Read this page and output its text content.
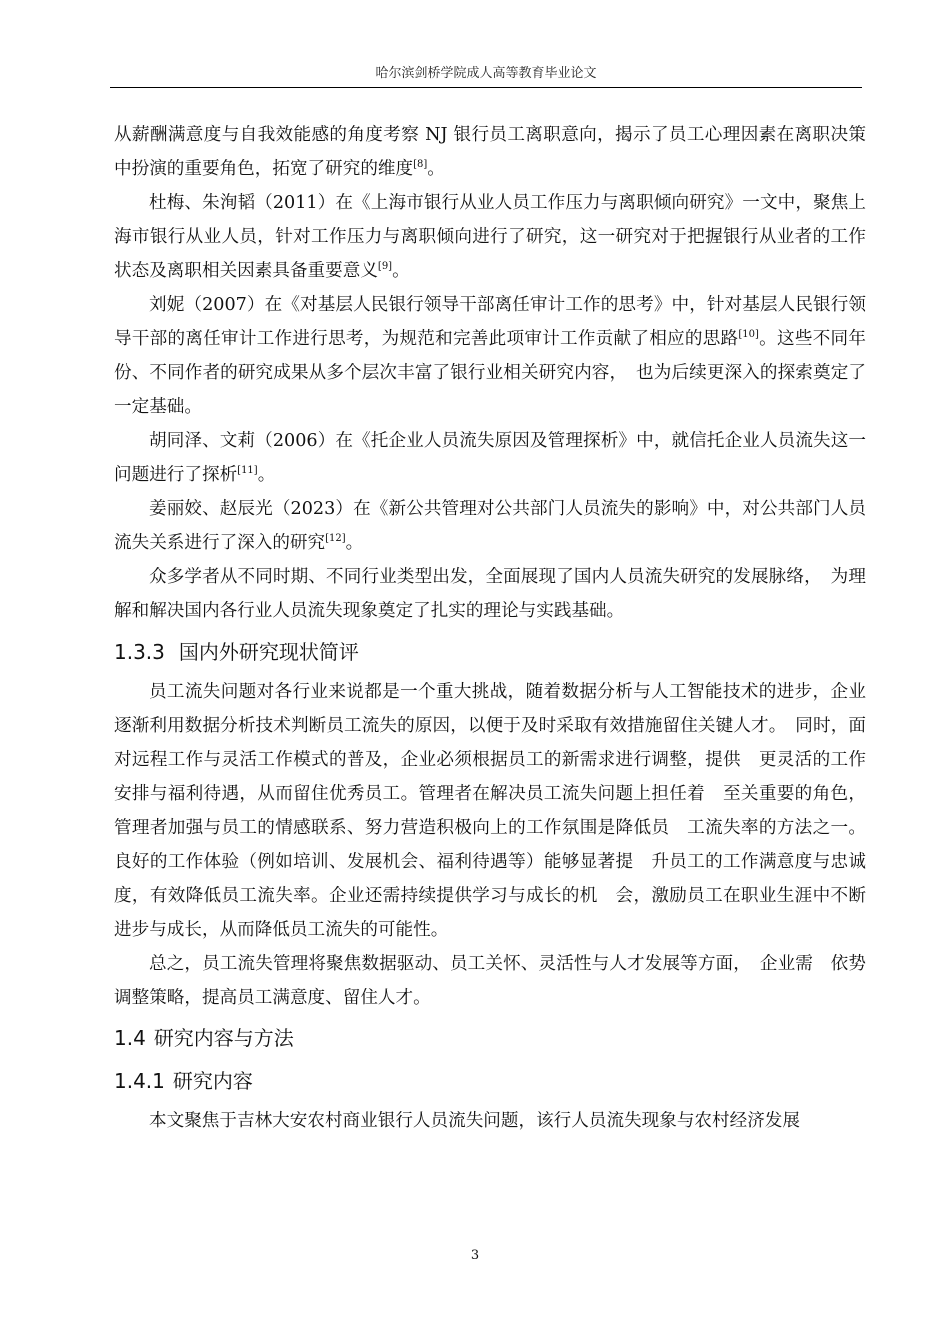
哈尔滨剑桥学院成人高等教育毕业论文

从薪酬满意度与自我效能感的角度考察 NJ 银行员工离职意向，揭示了员工心理因素在离职决策中扮演的重要角色，拓宽了研究的维度[8]。

杜梅、朱洵韬（2011）在《上海市银行从业人员工作压力与离职倾向研究》一文中，聚焦上海市银行从业人员，针对工作压力与离职倾向进行了研究，这一研究对于把握银行从业者的工作状态及离职相关因素具备重要意义[9]。

刘妮（2007）在《对基层人民银行领导干部离任审计工作的思考》中，针对基层人民银行领导干部的离任审计工作进行思考，为规范和完善此项审计工作贡献了相应的思路[10]。这些不同年份、不同作者的研究成果从多个层次丰富了银行业相关研究内容，　也为后续更深入的探索奠定了一定基础。

胡同泽、文莉（2006）在《托企业人员流失原因及管理探析》中，就信托企业人员流失这一问题进行了探析[11]。

姜丽姣、赵辰光（2023）在《新公共管理对公共部门人员流失的影响》中，对公共部门人员流失关系进行了深入的研究[12]。

众多学者从不同时期、不同行业类型出发，全面展现了国内人员流失研究的发展脉络，　为理解和解决国内各行业人员流失现象奠定了扎实的理论与实践基础。

1.3.3 国内外研究现状简评

员工流失问题对各行业来说都是一个重大挑战，随着数据分析与人工智能技术的进步，企业逐渐利用数据分析技术判断员工流失的原因，以便于及时采取有效措施留住关键人才。　同时，面对远程工作与灵活工作模式的普及，企业必须根据员工的新需求进行调整，提供　更灵活的工作安排与福利待遇，从而留住优秀员工。管理者在解决员工流失问题上担任着　至关重要的角色，管理者加强与员工的情感联系、努力营造积极向上的工作氛围是降低员　工流失率的方法之一。良好的工作体验（例如培训、发展机会、福利待遇等）能够显著提　升员工的工作满意度与忠诚度，有效降低员工流失率。企业还需持续提供学习与成长的机　会，激励员工在职业生涯中不断进步与成长，从而降低员工流失的可能性。

总之，员工流失管理将聚焦数据驱动、员工关怀、灵活性与人才发展等方面，　企业需　依势调整策略，提高员工满意度、留住人才。

1.4 研究内容与方法
1.4.1 研究内容

本文聚焦于吉林大安农村商业银行人员流失问题，该行人员流失现象与农村经济发展

3
